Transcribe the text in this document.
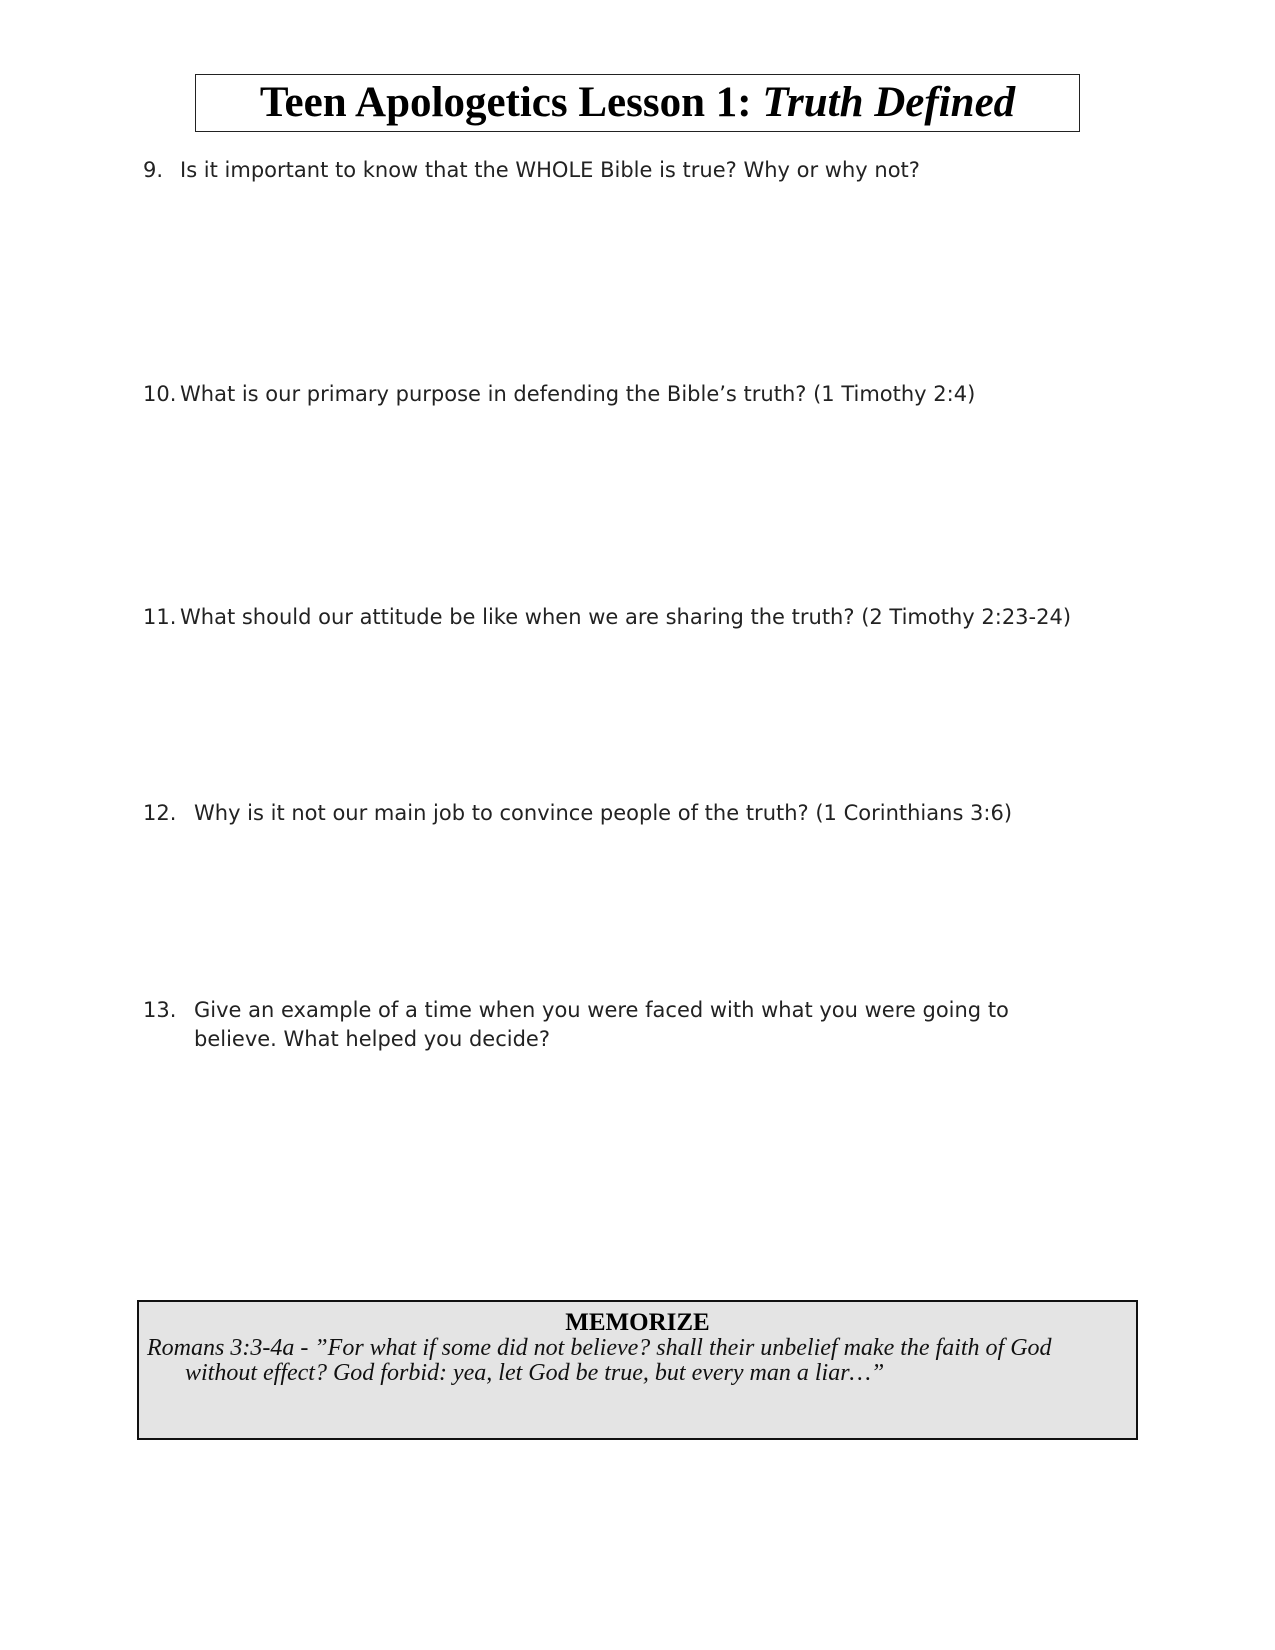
Teen Apologetics Lesson 1: Truth Defined
9. Is it important to know that the WHOLE Bible is true? Why or why not?
10. What is our primary purpose in defending the Bible’s truth? (1 Timothy 2:4)
11. What should our attitude be like when we are sharing the truth? (2 Timothy 2:23-24)
12. Why is it not our main job to convince people of the truth? (1 Corinthians 3:6)
13. Give an example of a time when you were faced with what you were going to believe. What helped you decide?
MEMORIZE
Romans 3:3-4a - ”For what if some did not believe? shall their unbelief make the faith of God without effect? God forbid: yea, let God be true, but every man a liar…”
